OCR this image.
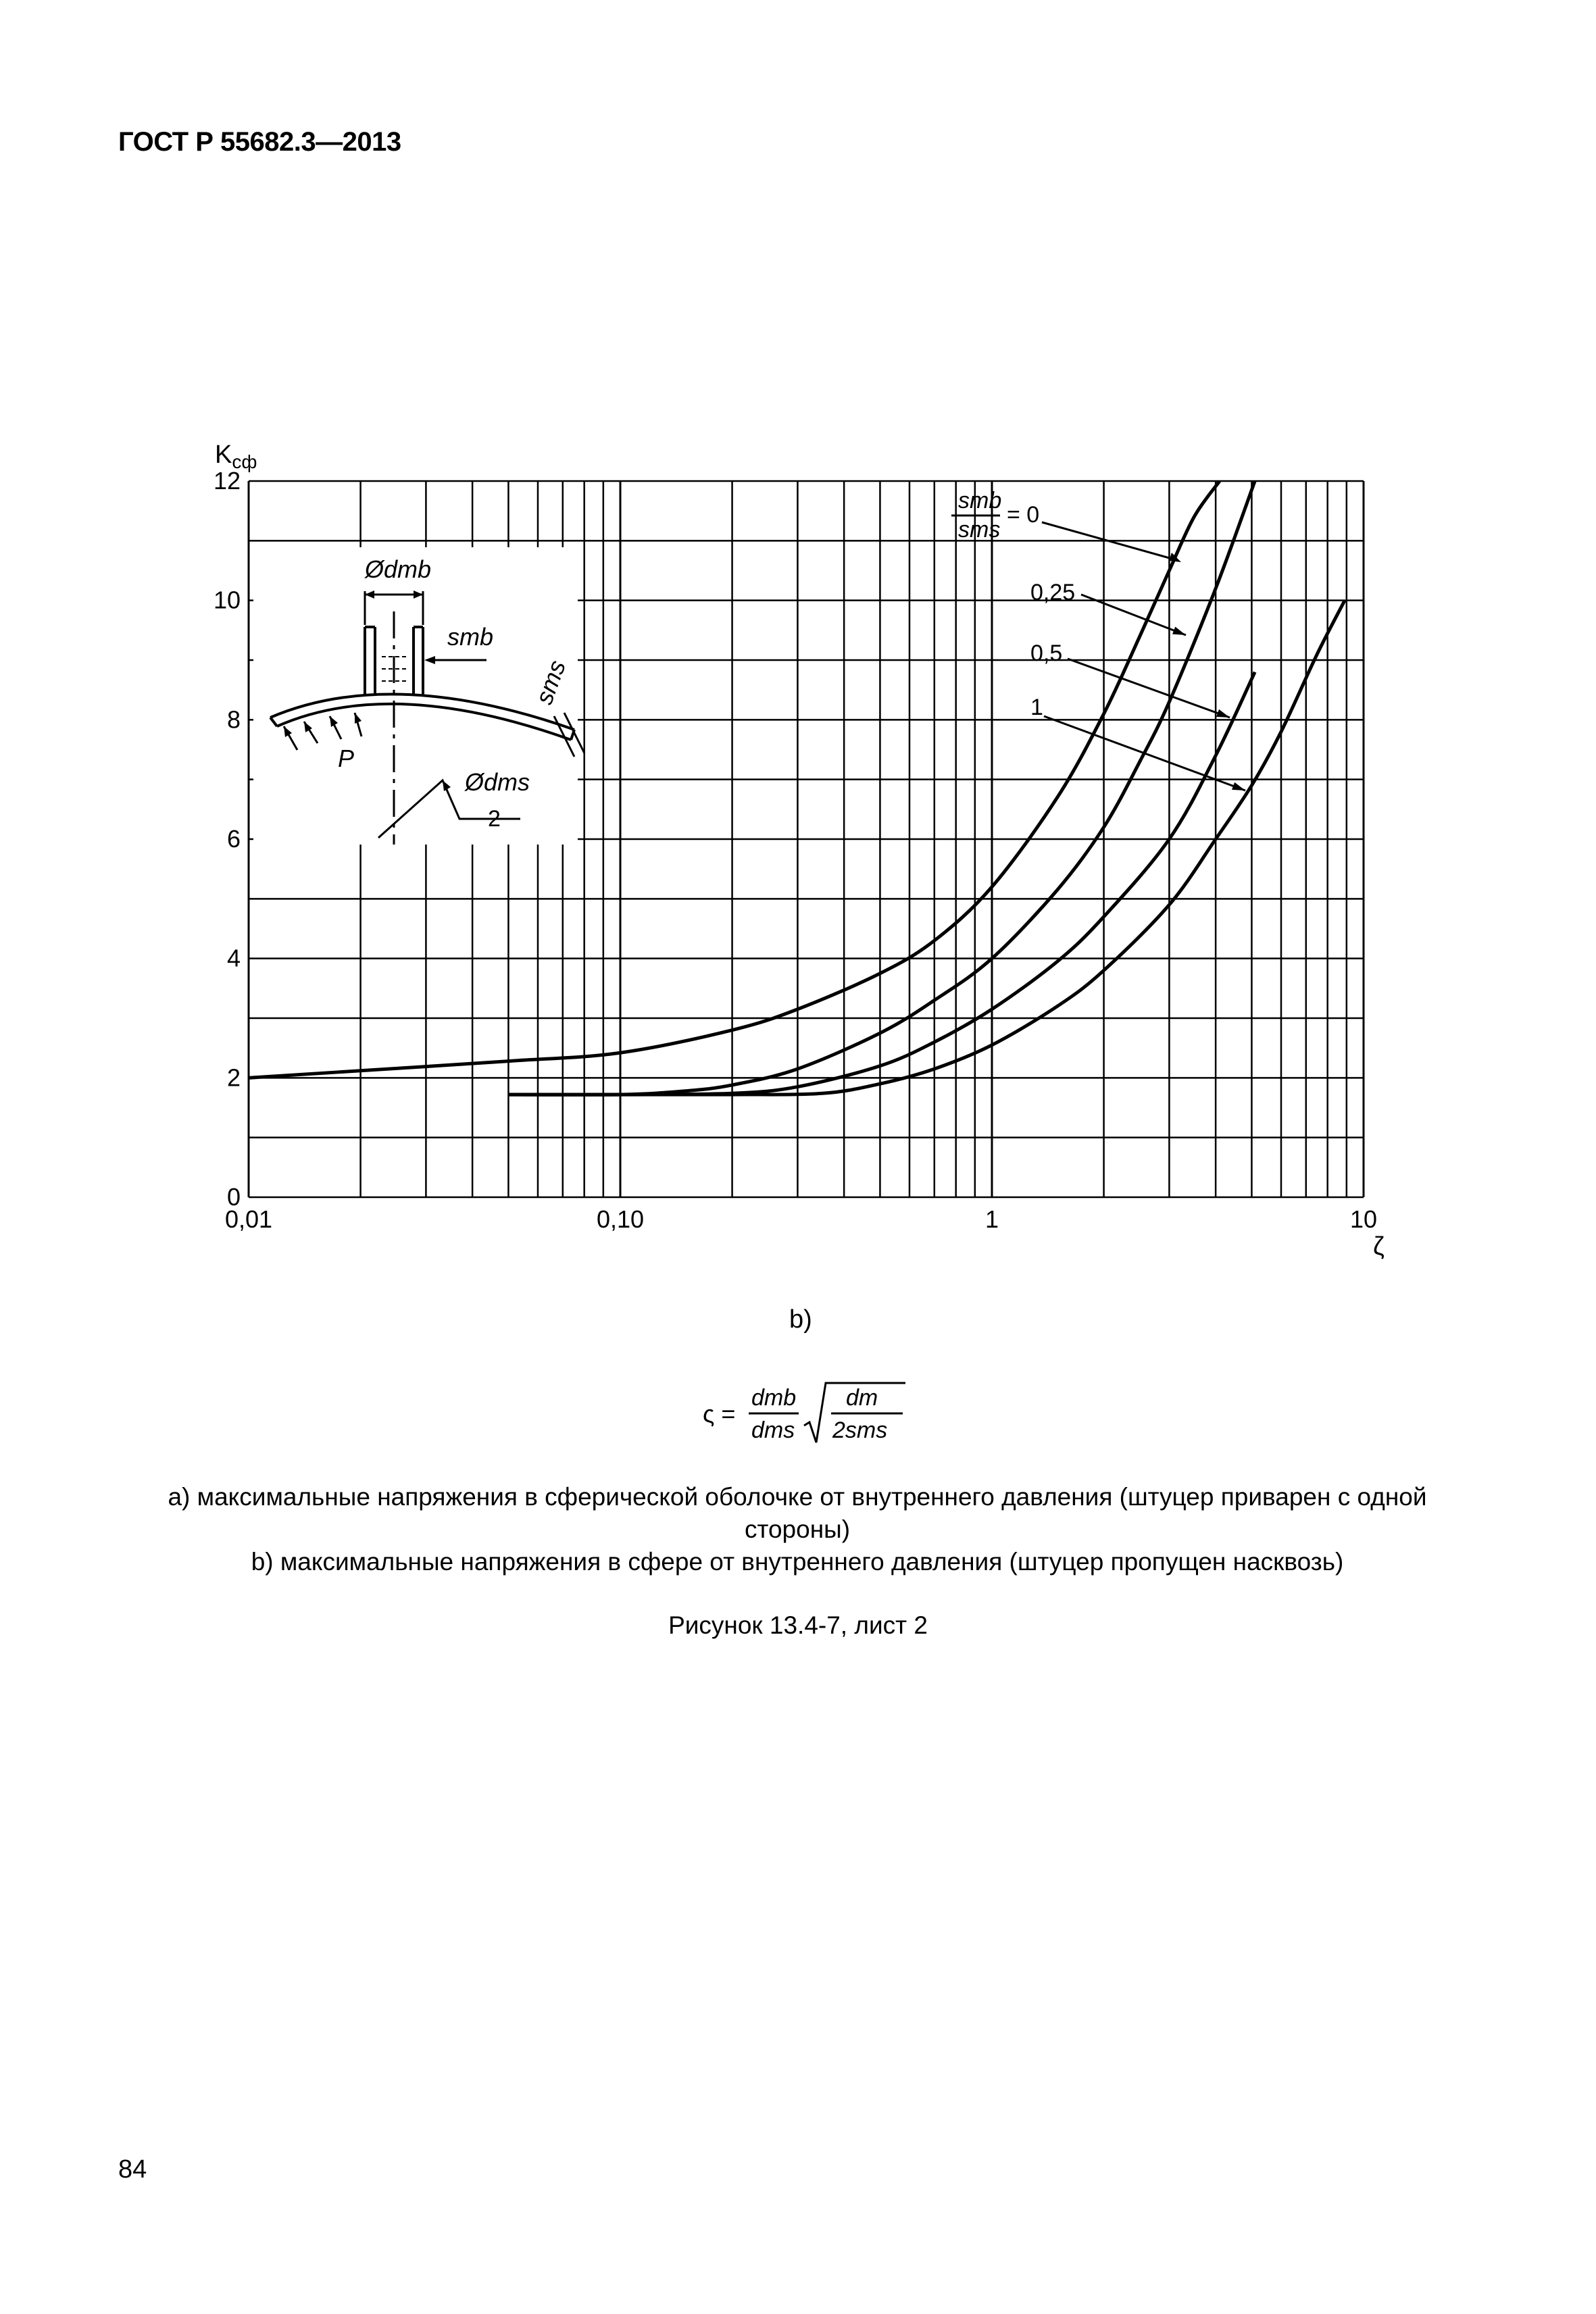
ГОСТ Р 55682.3—2013
Ødmb
smb
sms
P
Ødms
2
0
2
4
6
8
10
12
0,01	0,10	1	10
$K_{сф}$
ζ
smb
sms
= 0
0,25
0,5
1
b)
ς =
dmb
dms
dm
2sms
a) максимальные напряжения в сферической оболочке от внутреннего давления (штуцер приварен с одной стороны)
b) максимальные напряжения в сфере от внутреннего давления (штуцер пропущен насквозь)
Рисунок 13.4-7, лист 2
84
